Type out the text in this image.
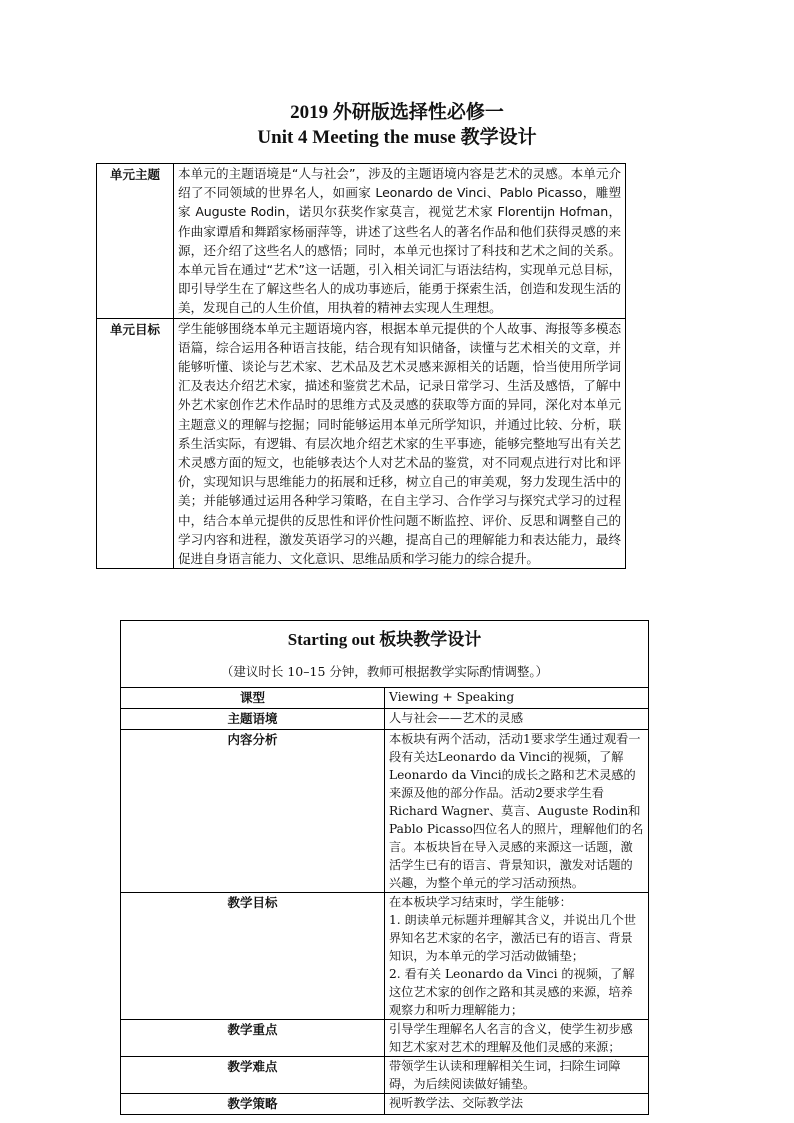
2019 外研版选择性必修一
Unit 4 Meeting the muse 教学设计
单元主题	本单元的主题语境是“人与社会”，涉及的主题语境内容是艺术的灵感。本单元介绍了不同领域的世界名人，如画家 Leonardo de Vinci、Pablo Picasso，雕塑家 Auguste Rodin，诺贝尔获奖作家莫言，视觉艺术家 Florentijn Hofman，作曲家谭盾和舞蹈家杨丽萍等，讲述了这些名人的著名作品和他们获得灵感的来源，还介绍了这些名人的感悟；同时，本单元也探讨了科技和艺术之间的关系。本单元旨在通过“艺术”这一话题，引入相关词汇与语法结构，实现单元总目标，即引导学生在了解这些名人的成功事迹后，能勇于探索生活，创造和发现生活的美，发现自己的人生价值，用执着的精神去实现人生理想。
单元目标	学生能够围绕本单元主题语境内容，根据本单元提供的个人故事、海报等多模态语篇，综合运用各种语言技能，结合现有知识储备，读懂与艺术相关的文章，并能够听懂、谈论与艺术家、艺术品及艺术灵感来源相关的话题，恰当使用所学词汇及表达介绍艺术家，描述和鉴赏艺术品，记录日常学习、生活及感悟，了解中外艺术家创作艺术作品时的思维方式及灵感的获取等方面的异同，深化对本单元主题意义的理解与挖掘；同时能够运用本单元所学知识，并通过比较、分析，联系生活实际，有逻辑、有层次地介绍艺术家的生平事迹，能够完整地写出有关艺术灵感方面的短文，也能够表达个人对艺术品的鉴赏，对不同观点进行对比和评价，实现知识与思维能力的拓展和迁移，树立自己的审美观，努力发现生活中的美；并能够通过运用各种学习策略，在自主学习、合作学习与探究式学习的过程中，结合本单元提供的反思性和评价性问题不断监控、评价、反思和调整自己的学习内容和进程，激发英语学习的兴趣，提高自己的理解能力和表达能力，最终促进自身语言能力、文化意识、思维品质和学习能力的综合提升。
Starting out 板块教学设计
（建议时长 10–15 分钟，教师可根据教学实际酌情调整。）	

课型	Viewing + Speaking

主题语境	人与社会——艺术的灵感

内容分析	本板块有两个活动，活动1要求学生通过观看一段有关达Leonardo da Vinci的视频，了解Leonardo da Vinci的成长之路和艺术灵感的来源及他的部分作品。活动2要求学生看Richard Wagner、莫言、Auguste Rodin和Pablo Picasso四位名人的照片，理解他们的名言。本板块旨在导入灵感的来源这一话题，激活学生已有的语言、背景知识，激发对话题的兴趣，为整个单元的学习活动预热。

教学目标	在本板块学习结束时，学生能够：
1. 朗读单元标题并理解其含义，并说出几个世界知名艺术家的名字，激活已有的语言、背景知识，为本单元的学习活动做铺垫；
2. 看有关 Leonardo da Vinci 的视频，了解这位艺术家的创作之路和其灵感的来源，培养观察力和听力理解能力；

教学重点	引导学生理解名人名言的含义，使学生初步感知艺术家对艺术的理解及他们灵感的来源；

教学难点	带领学生认读和理解相关生词，扫除生词障碍，为后续阅读做好铺垫。

教学策略	视听教学法、交际教学法
